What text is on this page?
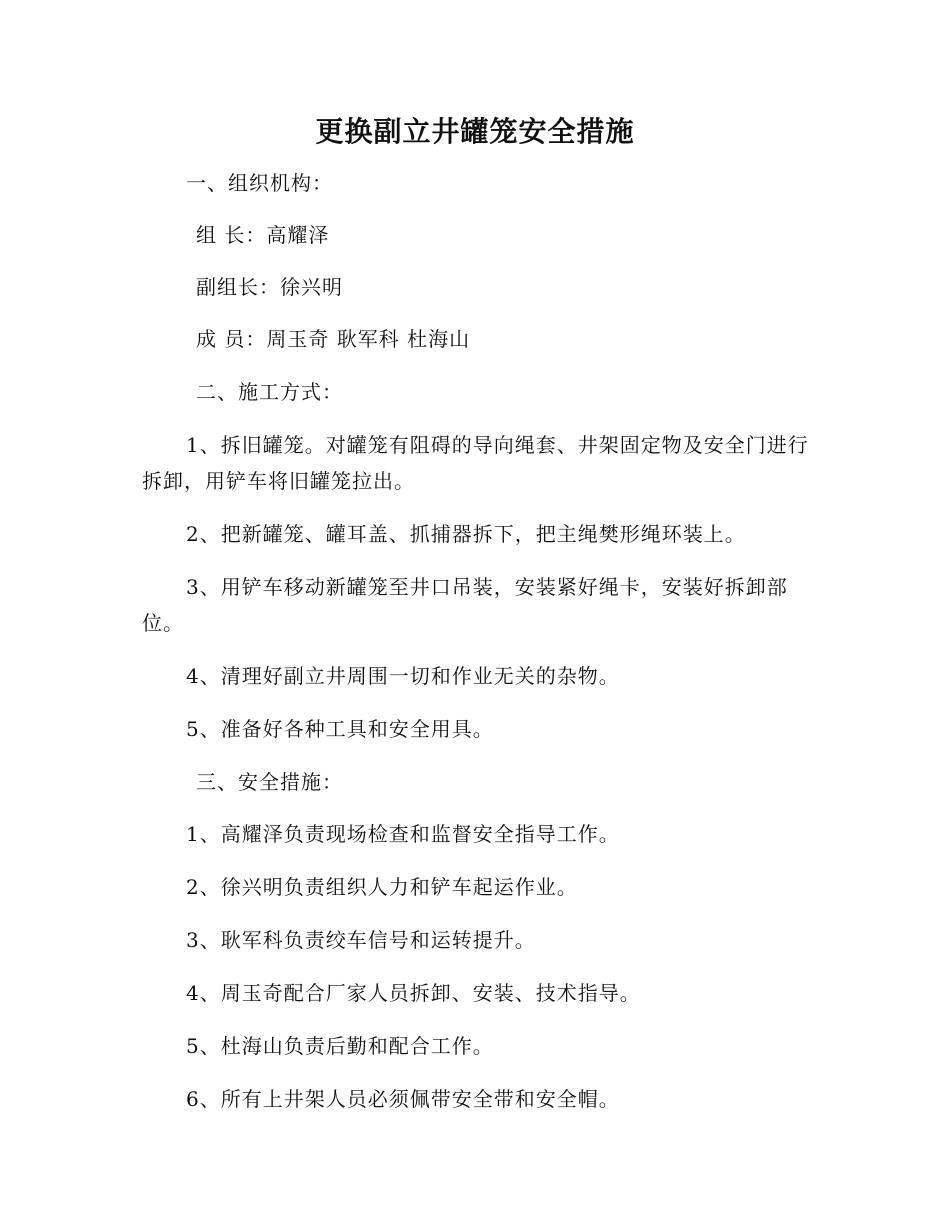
更换副立井罐笼安全措施
一、组织机构：
组 长：高耀泽
副组长：徐兴明
成 员：周玉奇 耿军科 杜海山
二、施工方式：
1、拆旧罐笼。对罐笼有阻碍的导向绳套、井架固定物及安全门进行拆卸，用铲车将旧罐笼拉出。
2、把新罐笼、罐耳盖、抓捕器拆下，把主绳樊形绳环装上。
3、用铲车移动新罐笼至井口吊装，安装紧好绳卡，安装好拆卸部位。
4、清理好副立井周围一切和作业无关的杂物。
5、准备好各种工具和安全用具。
三、安全措施：
1、高耀泽负责现场检查和监督安全指导工作。
2、徐兴明负责组织人力和铲车起运作业。
3、耿军科负责绞车信号和运转提升。
4、周玉奇配合厂家人员拆卸、安装、技术指导。
5、杜海山负责后勤和配合工作。
6、所有上井架人员必须佩带安全带和安全帽。
